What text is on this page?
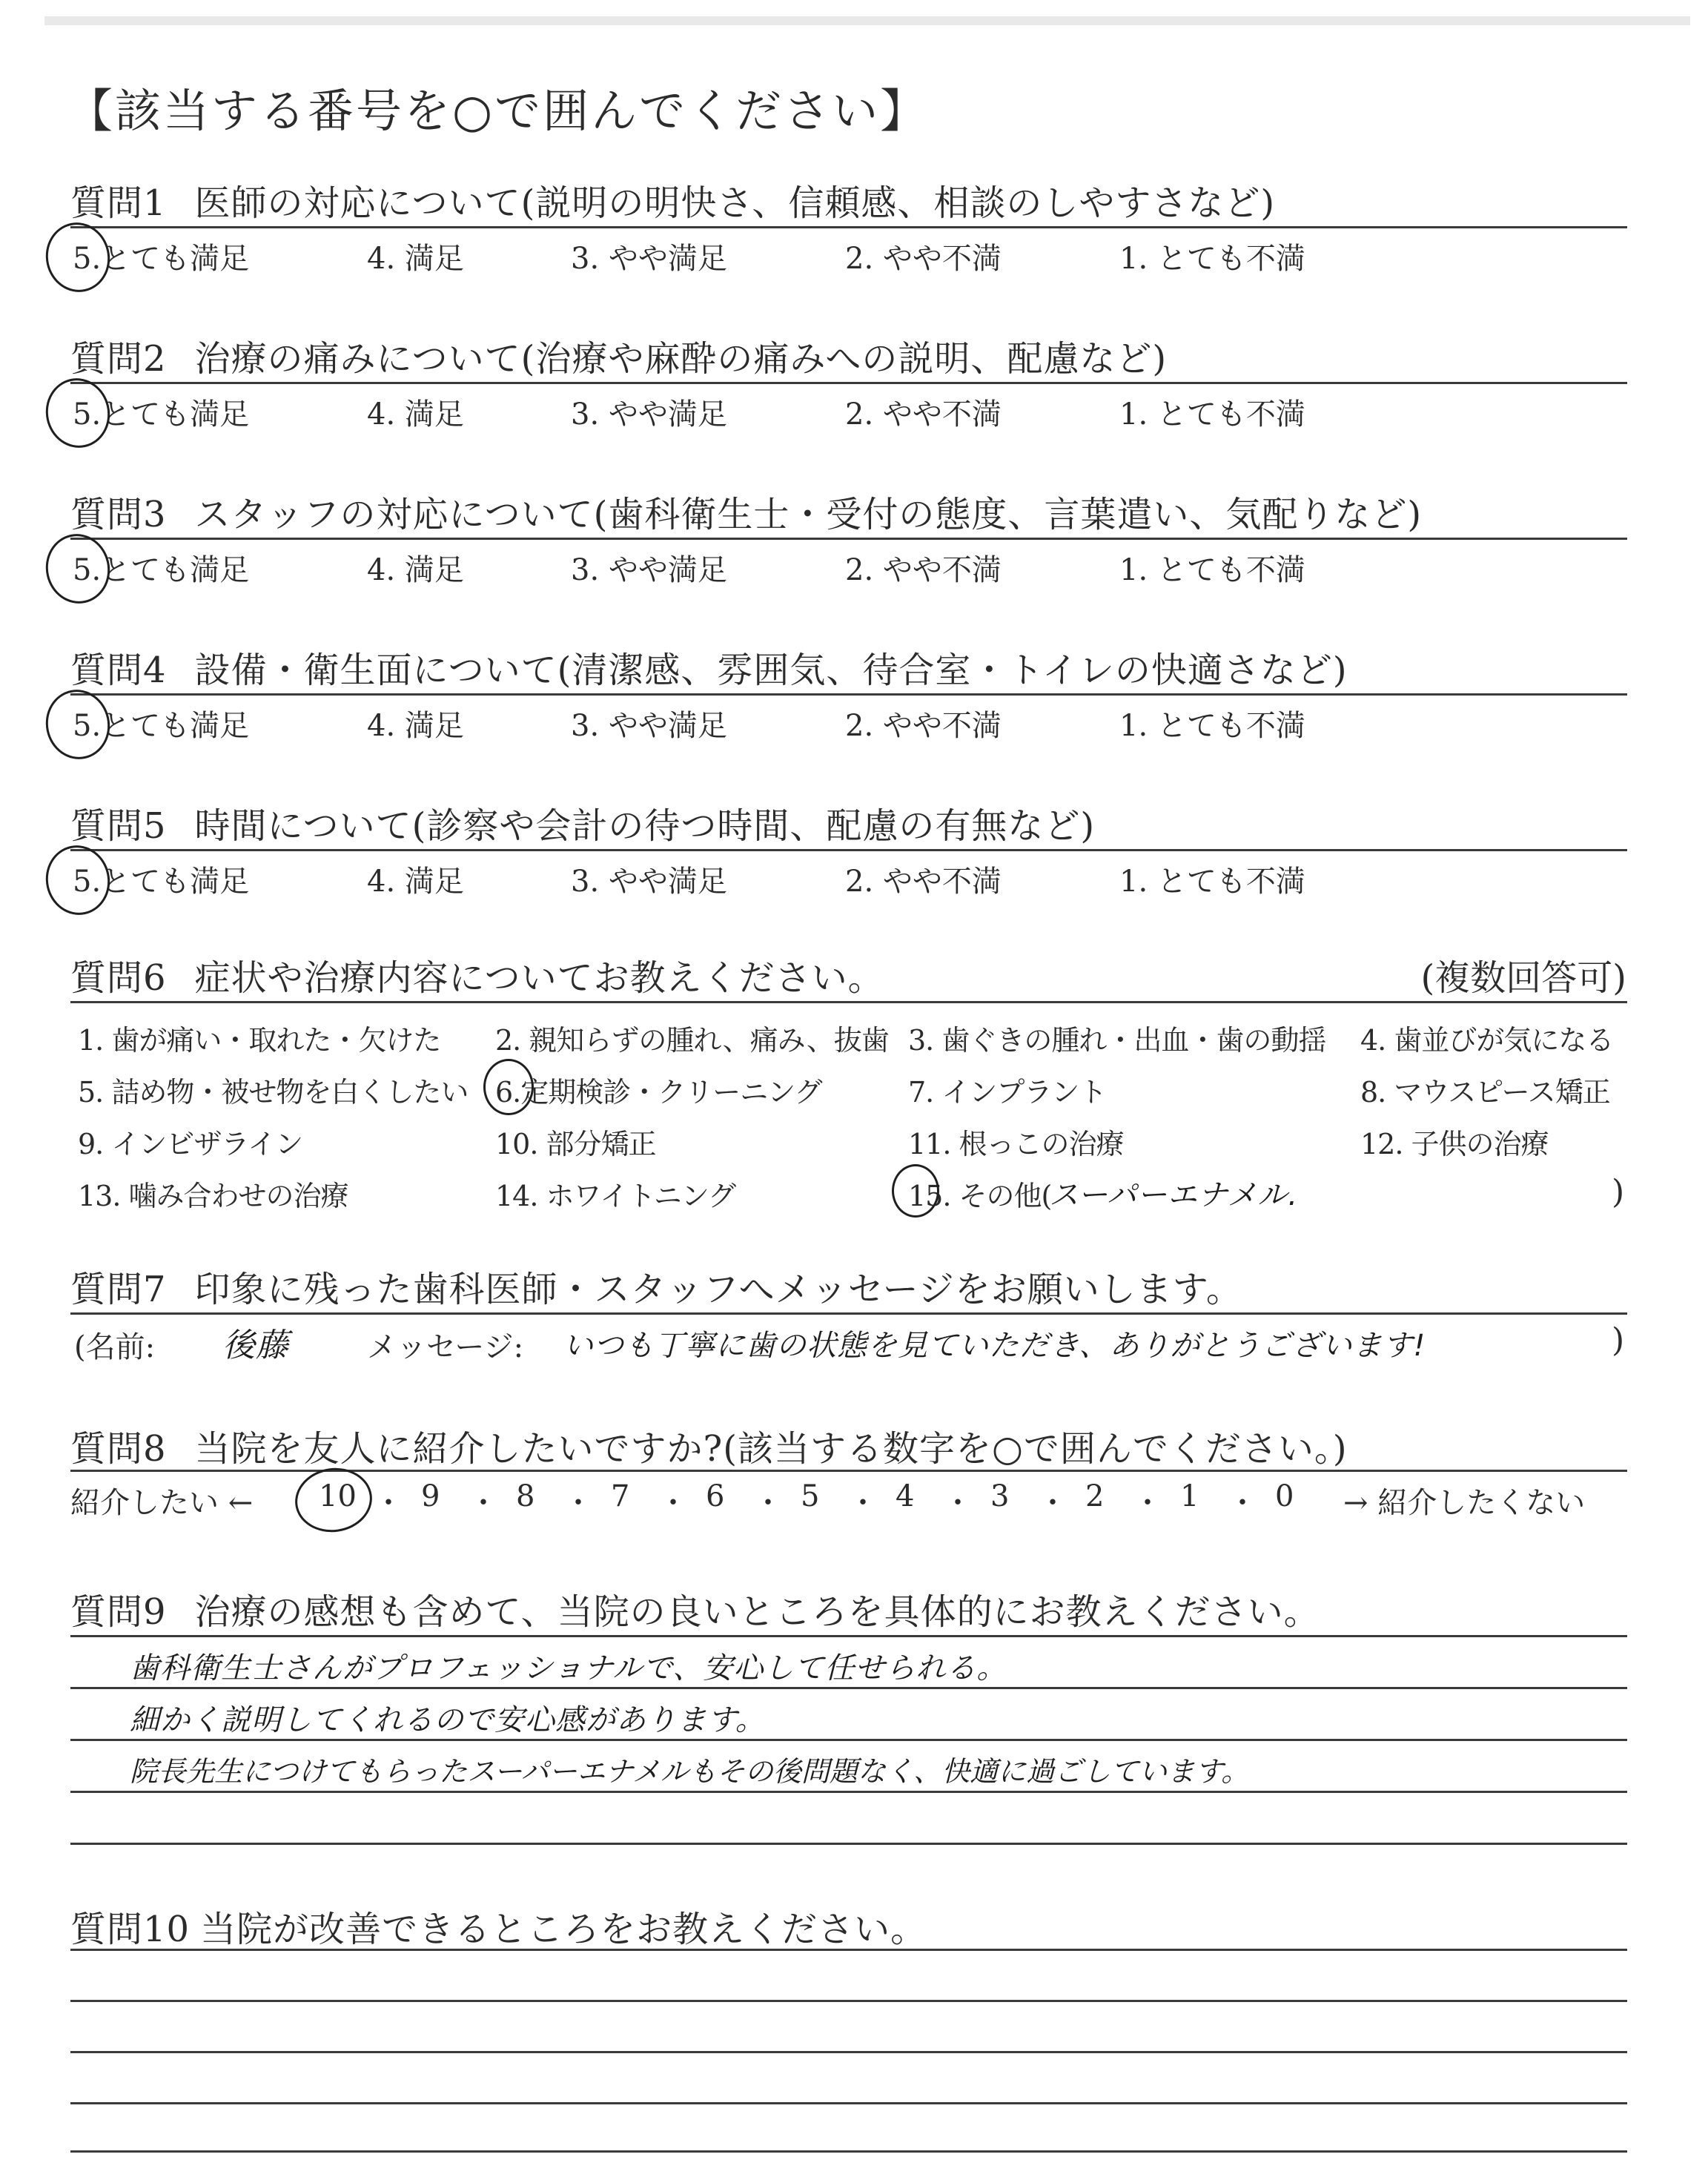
【該当する番号を○で囲んでください】
質問1 医師の対応について(説明の明快さ、信頼感、相談のしやすさなど)
5.とても満足	4. 満足	3. やや満足	2. やや不満	1. とても不満
質問2 治療の痛みについて(治療や麻酔の痛みへの説明、配慮など)
5.とても満足	4. 満足	3. やや満足	2. やや不満	1. とても不満
質問3 スタッフの対応について(歯科衛生士・受付の態度、言葉遣い、気配りなど)
5.とても満足	4. 満足	3. やや満足	2. やや不満	1. とても不満
質問4 設備・衛生面について(清潔感、雰囲気、待合室・トイレの快適さなど)
5.とても満足	4. 満足	3. やや満足	2. やや不満	1. とても不満
質問5 時間について(診察や会計の待つ時間、配慮の有無など)
5.とても満足	4. 満足	3. やや満足	2. やや不満	1. とても不満
質問6 症状や治療内容についてお教えください。	(複数回答可)
1. 歯が痛い・取れた・欠けた 2. 親知らずの腫れ、痛み、抜歯 3. 歯ぐきの腫れ・出血・歯の動揺 4. 歯並びが気になる
5. 詰め物・被せ物を白くしたい 6.定期検診・クリーニング	7. インプラント	8. マウスピース矯正
9. インビザライン	10. 部分矯正	11. 根っこの治療	12. 子供の治療
13. 噛み合わせの治療	14. ホワイトニング	15. その他(
スーパーエナメル.	)
質問7 印象に残った歯科医師・スタッフへメッセージをお願いします。
(名前: 後藤	メッセージ: いつも丁寧に歯の状態を見ていただき、ありがとうございます!	)
質問8 当院を友人に紹介したいですか?(該当する数字を○で囲んでください。)
紹介したい ← 10 ・ 9 ・ 8 ・ 7 ・ 6 ・ 5 ・ 4 ・ 3 ・ 2 ・ 1 ・ 0 → 紹介したくない
質問9 治療の感想も含めて、当院の良いところを具体的にお教えください。
歯科衛生士さんがプロフェッショナルで、安心して任せられる。
細かく説明してくれるので安心感があります。
院長先生につけてもらったスーパーエナメルもその後問題なく、快適に過ごしています。
質問10 当院が改善できるところをお教えください。
